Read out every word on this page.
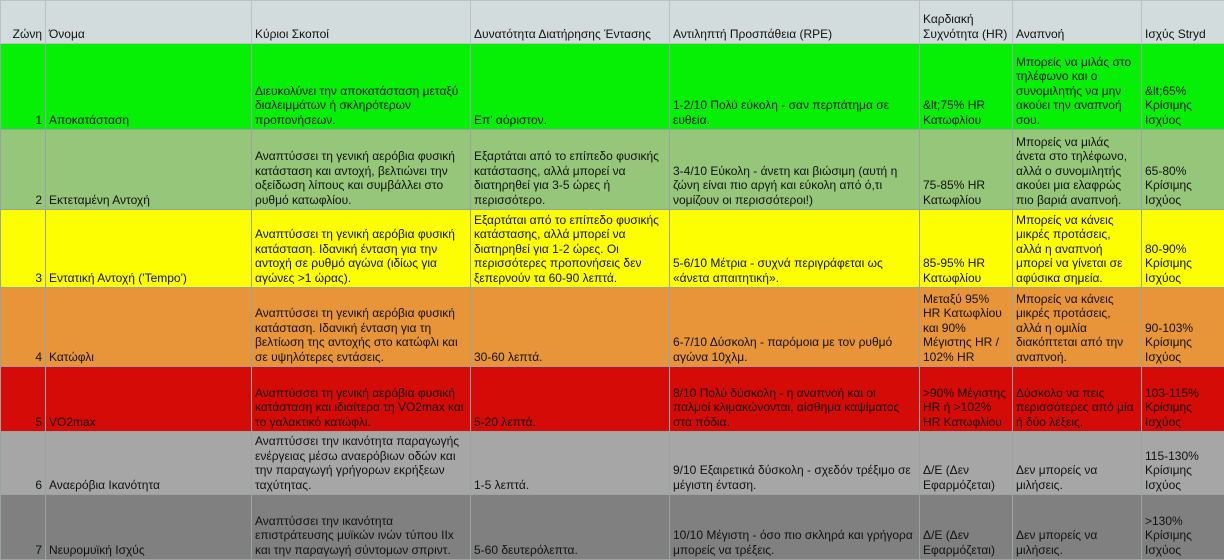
Ζώνη	Όνομα	Κύριοι Σκοποί	Δυνατότητα Διατήρησης Έντασης	Αντιληπτή Προσπάθεια (RPE)	Καρδιακή Συχνότητα (HR)	Αναπνοή	Ισχύς Stryd
1	Αποκατάσταση	Διευκολύνει την αποκατάσταση μεταξύ διαλειμμάτων ή σκληρότερων προπονήσεων.	Επ' αόριστον.	1-2/10 Πολύ εύκολη - σαν περπάτημα σε ευθεία.	&lt;75% HR Κατωφλίου	Μπορείς να μιλάς στο τηλέφωνο και ο συνομιλητής να μην ακούει την αναπνοή σου.	&lt;65% Κρίσιμης Ισχύος
2	Εκτεταμένη Αντοχή	Αναπτύσσει τη γενική αερόβια φυσική κατάσταση και αντοχή, βελτιώνει την οξείδωση λίπους και συμβάλλει στο ρυθμό κατωφλίου.	Εξαρτάται από το επίπεδο φυσικής κατάστασης, αλλά μπορεί να διατηρηθεί για 3-5 ώρες ή περισσότερο.	3-4/10 Εύκολη - άνετη και βιώσιμη (αυτή η ζώνη είναι πιο αργή και εύκολη από ό,τι νομίζουν οι περισσότεροι!)	75-85% HR Κατωφλίου	Μπορείς να μιλάς άνετα στο τηλέφωνο, αλλά ο συνομιλητής ακούει μια ελαφρώς πιο βαριά αναπνοή.	65-80% Κρίσιμης Ισχύος
3	Εντατική Αντοχή ('Tempo')	Αναπτύσσει τη γενική αερόβια φυσική κατάσταση. Ιδανική ένταση για την αντοχή σε ρυθμό αγώνα (ιδίως για αγώνες >1 ώρας).	Εξαρτάται από το επίπεδο φυσικής κατάστασης, αλλά μπορεί να διατηρηθεί για 1-2 ώρες. Οι περισσότερες προπονήσεις δεν ξεπερνούν τα 60-90 λεπτά.	5-6/10 Μέτρια - συχνά περιγράφεται ως «άνετα απαιτητική».	85-95% HR Κατωφλίου	Μπορείς να κάνεις μικρές προτάσεις, αλλά η αναπνοή μπορεί να γίνεται σε αφύσικα σημεία.	80-90% Κρίσιμης Ισχύος
4	Κατώφλι	Αναπτύσσει τη γενική αερόβια φυσική κατάσταση. Ιδανική ένταση για τη βελτίωση της αντοχής στο κατώφλι και σε υψηλότερες εντάσεις.	30-60 λεπτά.	6-7/10 Δύσκολη - παρόμοια με τον ρυθμό αγώνα 10χλμ.	Μεταξύ 95% HR Κατωφλίου και 90% Μέγιστης HR / 102% HR	Μπορείς να κάνεις μικρές προτάσεις, αλλά η ομιλία διακόπτεται από την αναπνοή.	90-103% Κρίσιμης Ισχύος
5	VO2max	Αναπτύσσει τη γενική αερόβια φυσική κατάσταση και ιδιαίτερα τη VO2max και το γαλακτικό κατώφλι.	5-20 λεπτά.	8/10 Πολύ δύσκολη - η αναπνοή και οι παλμοί κλιμακώνονται, αίσθημα καψίματος στα πόδια.	>90% Μέγιστης HR ή >102% HR Κατωφλίου	Δύσκολο να πεις περισσότερες από μία ή δύο λέξεις.	103-115% Κρίσιμης Ισχύος
6	Αναερόβια Ικανότητα	Αναπτύσσει την ικανότητα παραγωγής ενέργειας μέσω αναερόβιων οδών και την παραγωγή γρήγορων εκρήξεων ταχύτητας.	1-5 λεπτά.	9/10 Εξαιρετικά δύσκολη - σχεδόν τρέξιμο σε μέγιστη ένταση.	Δ/Ε (Δεν Εφαρμόζεται)	Δεν μπορείς να μιλήσεις.	115-130% Κρίσιμης Ισχύος
7	Νευρομυϊκή Ισχύς	Αναπτύσσει την ικανότητα επιστράτευσης μυϊκών ινών τύπου IIx και την παραγωγή σύντομων σπριντ.	5-60 δευτερόλεπτα.	10/10 Μέγιστη - όσο πιο σκληρά και γρήγορα μπορείς να τρέξεις.	Δ/Ε (Δεν Εφαρμόζεται)	Δεν μπορείς να μιλήσεις.	>130% Κρίσιμης Ισχύος
